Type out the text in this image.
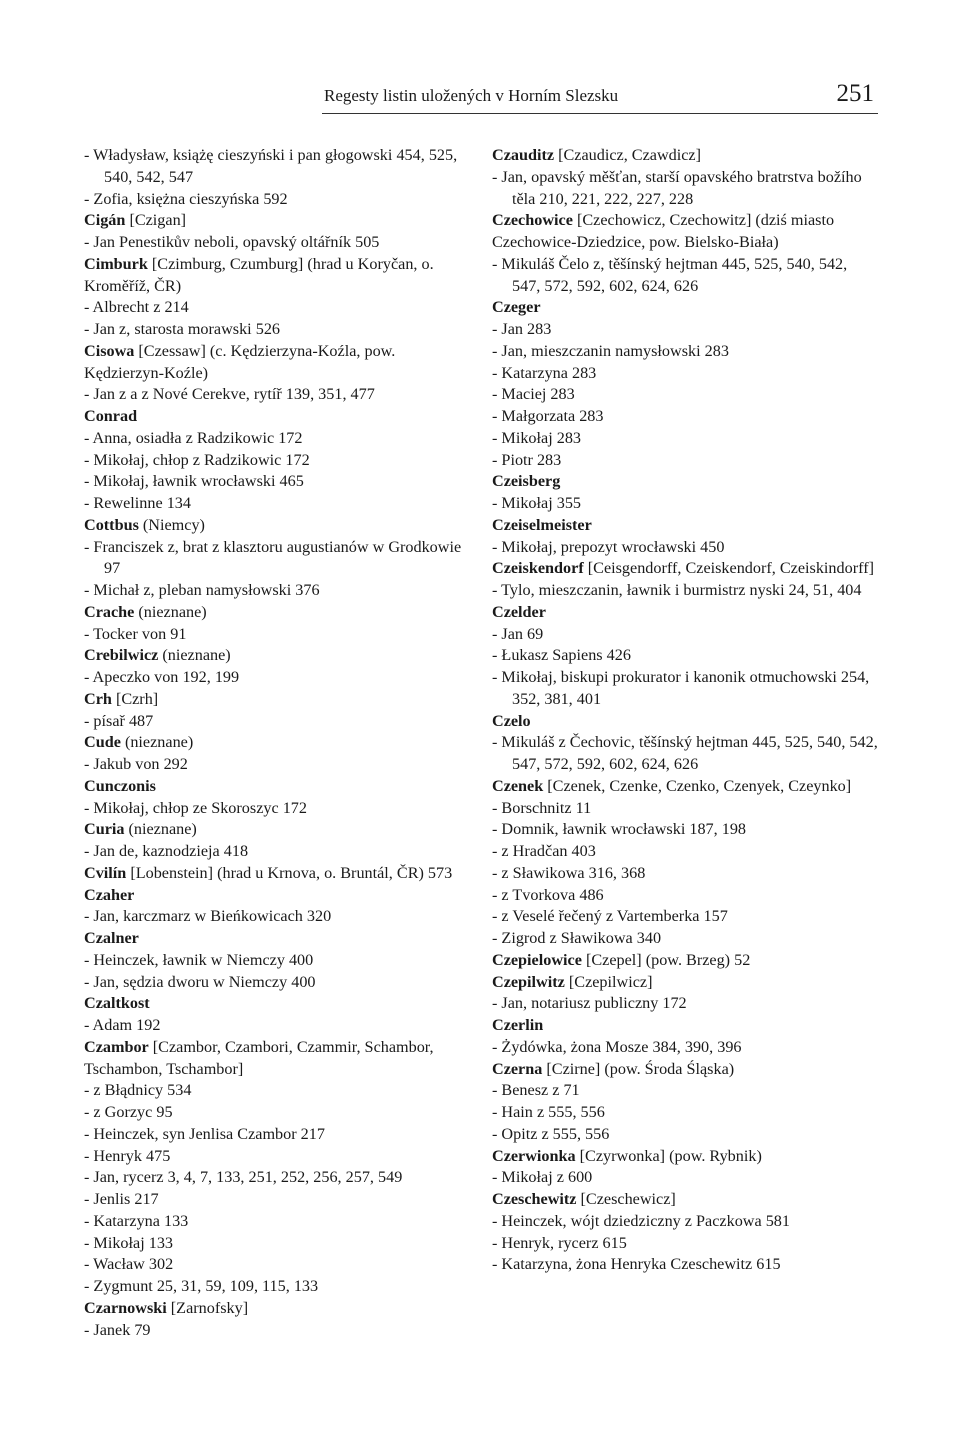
Regesty listin uložených v Horním Slezsku	251

- Władysław, książę cieszyński i pan głogowski 454, 525, 540, 542, 547

- Zofia, księżna cieszyńska 592

Cigán [Czigan]

- Jan Penestikův neboli, opavský oltářník 505

Cimburk [Czimburg, Czumburg] (hrad u Koryčan, o. Kroměříž, ČR)

- Albrecht z 214

- Jan z, starosta morawski 526

Cisowa [Czessaw] (c. Kędzierzyna-Koźla, pow. Kędzierzyn-Koźle)

- Jan z a z Nové Cerekve, rytíř 139, 351, 477

Conrad

- Anna, osiadła z Radzikowic 172

- Mikołaj, chłop z Radzikowic 172

- Mikołaj, ławnik wrocławski 465

- Rewelinne 134

Cottbus (Niemcy)

- Franciszek z, brat z klasztoru augustianów w Grodkowie 97

- Michał z, pleban namysłowski 376

Crache (nieznane)

- Tocker von 91

Crebilwicz (nieznane)

- Apeczko von 192, 199

Crh [Czrh]

- písař 487

Cude (nieznane)

- Jakub von 292

Cunczonis

- Mikołaj, chłop ze Skoroszyc 172

Curia (nieznane)

- Jan de, kaznodzieja 418

Cvilín [Lobenstein] (hrad u Krnova, o. Bruntál, ČR) 573

Czaher

- Jan, karczmarz w Bieńkowicach 320

Czalner

- Heinczek, ławnik w Niemczy 400

- Jan, sędzia dworu w Niemczy 400

Czaltkost

- Adam 192

Czambor [Czambor, Czambori, Czammir, Schambor, Tschambon, Tschambor]

- z Błądnicy 534

- z Gorzyc 95

- Heinczek, syn Jenlisa Czambor 217

- Henryk 475

- Jan, rycerz 3, 4, 7, 133, 251, 252, 256, 257, 549

- Jenlis 217

- Katarzyna 133

- Mikołaj 133

- Wacław 302

- Zygmunt 25, 31, 59, 109, 115, 133

Czarnowski [Zarnofsky]

- Janek 79

Czauditz [Czaudicz, Czawdicz]

- Jan, opavský měšťan, starší opavského bratrstva božího těla 210, 221, 222, 227, 228

Czechowice [Czechowicz, Czechowitz] (dziś miasto Czechowice-Dziedzice, pow. Bielsko-Biała)

- Mikuláš Čelo z, těšínský hejtman 445, 525, 540, 542, 547, 572, 592, 602, 624, 626

Czeger

- Jan 283

- Jan, mieszczanin namysłowski 283

- Katarzyna 283

- Maciej 283

- Małgorzata 283

- Mikołaj 283

- Piotr 283

Czeisberg

- Mikołaj 355

Czeiselmeister

- Mikołaj, prepozyt wrocławski 450

Czeiskendorf [Ceisgendorff, Czeiskendorf, Czeiskindorff]

- Tylo, mieszczanin, ławnik i burmistrz nyski 24, 51, 404

Czelder

- Jan 69

- Łukasz Sapiens 426

- Mikołaj, biskupi prokurator i kanonik otmuchowski 254, 352, 381, 401

Czelo

- Mikuláš z Čechovic, těšínský hejtman 445, 525, 540, 542, 547, 572, 592, 602, 624, 626

Czenek [Czenek, Czenke, Czenko, Czenyek, Czeynko]

- Borschnitz 11

- Domnik, ławnik wrocławski 187, 198

- z Hradčan 403

- z Sławikowa 316, 368

- z Tvorkova 486

- z Veselé řečený z Vartemberka 157

- Zigrod z Sławikowa 340

Czepielowice [Czepel] (pow. Brzeg) 52

Czepilwitz [Czepilwicz]

- Jan, notariusz publiczny 172

Czerlin

- Żydówka, żona Mosze 384, 390, 396

Czerna [Czirne] (pow. Środa Śląska)

- Benesz z 71

- Hain z 555, 556

- Opitz z 555, 556

Czerwionka [Czyrwonka] (pow. Rybnik)

- Mikołaj z 600

Czeschewitz [Czeschewicz]

- Heinczek, wójt dziedziczny z Paczkowa 581

- Henryk, rycerz 615

- Katarzyna, żona Henryka Czeschewitz 615
